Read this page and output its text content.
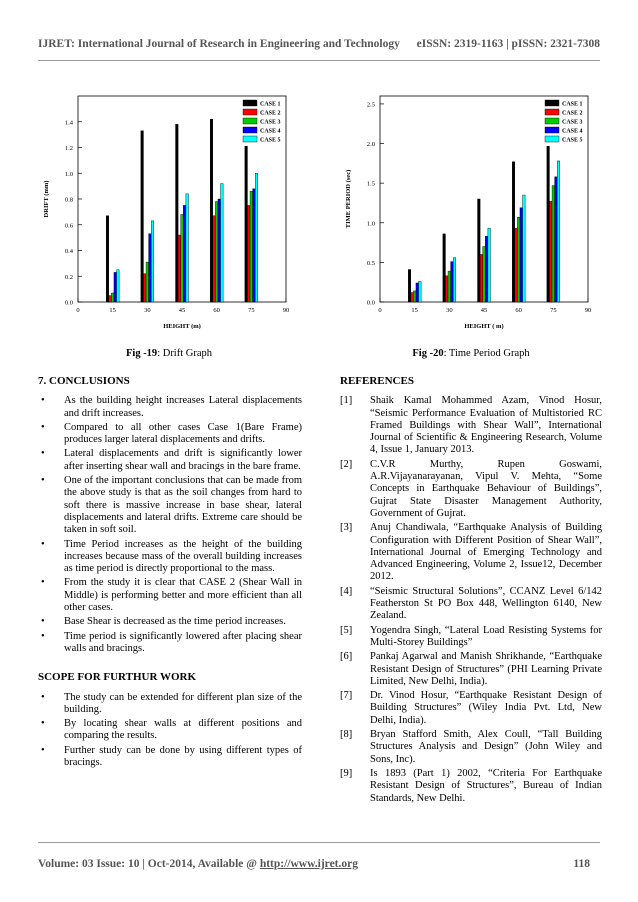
IJRET: International Journal of Research in Engineering and Technology eISSN: 2319-1163 | pISSN: 2321-7308
0.0
0.2
0.4
0.6
0.8
1.0
1.2
1.4
0	15	30	45	60	75	90
HEIGHT (m)
DRIFT (mm)
CASE 1
CASE 2
CASE 3
CASE 4
CASE 5
0.0
0.5
1.0
1.5
2.0
2.5
0	15	30	45	60	75	90
HEIGHT ( m)
TIME PERIOD (sec)
CASE 1
CASE 2
CASE 3
CASE 4
CASE 5
Fig -19: Drift Graph	Fig -20: Time Period Graph
7. CONCLUSIONS
• As the building height increases Lateral displacements and drift increases.
• Compared to all other cases Case 1(Bare Frame) produces larger lateral displacements and drifts.
• Lateral displacements and drift is significantly lower after inserting shear wall and bracings in the bare frame.
• One of the important conclusions that can be made from the above study is that as the soil changes from hard to soft there is massive increase in base shear, lateral displacements and lateral drifts. Extreme care should be taken in soft soil.
• Time Period increases as the height of the building increases because mass of the overall building increases as time period is directly proportional to the mass.
• From the study it is clear that CASE 2 (Shear Wall in Middle) is performing better and more efficient than all other cases.
• Base Shear is decreased as the time period increases.
• Time period is significantly lowered after placing shear walls and bracings.
SCOPE FOR FURTHUR WORK
• The study can be extended for different plan size of the building.
• By locating shear walls at different positions and comparing the results.
• Further study can be done by using different types of bracings.
REFERENCES
[1] Shaik Kamal Mohammed Azam, Vinod Hosur, “Seismic Performance Evaluation of Multistoried RC Framed Buildings with Shear Wall”, International Journal of Scientific & Engineering Research, Volume 4, Issue 1, January 2013.
[2] C.V.R Murthy, Rupen Goswami, A.R.Vijayanarayanan, Vipul V. Mehta, “Some Concepts in Earthquake Behaviour of Buildings”, Gujrat State Disaster Management Authority, Government of Gujrat.
[3] Anuj Chandiwala, “Earthquake Analysis of Building Configuration with Different Position of Shear Wall”, International Journal of Emerging Technology and Advanced Engineering, Volume 2, Issue12, December 2012.
[4] “Seismic Structural Solutions”, CCANZ Level 6/142 Featherston St PO Box 448, Wellington 6140, New Zealand.
[5] Yogendra Singh, “Lateral Load Resisting Systems for Multi-Storey Buildings”
[6] Pankaj Agarwal and Manish Shrikhande, “Earthquake Resistant Design of Structures” (PHI Learning Private Limited, New Delhi, India).
[7] Dr. Vinod Hosur, “Earthquake Resistant Design of Building Structures” (Wiley India Pvt. Ltd, New Delhi, India).
[8] Bryan Stafford Smith, Alex Coull, “Tall Building Structures Analysis and Design” (John Wiley and Sons, Inc).
[9] Is 1893 (Part 1) 2002, “Criteria For Earthquake Resistant Design of Structures”, Bureau of Indian Standards, New Delhi.
Volume: 03 Issue: 10 | Oct-2014, Available @ http://www.ijret.org	118
